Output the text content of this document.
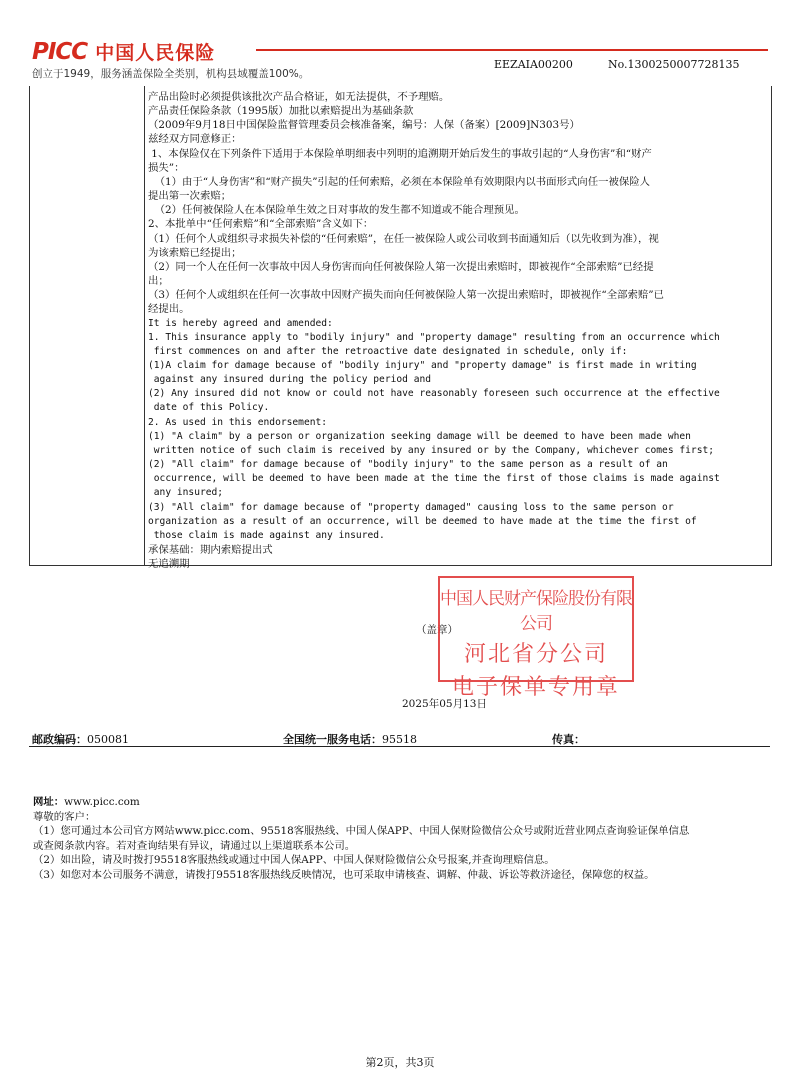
PICC 中国人民保险
创立于1949，服务涵盖保险全类别，机构县域覆盖100%。
EEZAIA00200	No.1300250007728135
产品出险时必须提供该批次产品合格证，如无法提供，不予理赔。
产品责任保险条款（1995版）加批以索赔提出为基础条款
（2009年9月18日中国保险监督管理委员会核准备案，编号：人保（备案）[2009]N303号）
兹经双方同意修正：
1、本保险仅在下列条件下适用于本保险单明细表中列明的追溯期开始后发生的事故引起的“人身伤害”和“财产
损失”：
（1）由于“人身伤害”和“财产损失”引起的任何索赔，必须在本保险单有效期限内以书面形式向任一被保险人
提出第一次索赔；
（2）任何被保险人在本保险单生效之日对事故的发生都不知道或不能合理预见。
2、本批单中“任何索赔”和“全部索赔”含义如下：
（1）任何个人或组织寻求损失补偿的“任何索赔”，在任一被保险人或公司收到书面通知后（以先收到为准），视
为该索赔已经提出；
（2）同一个人在任何一次事故中因人身伤害而向任何被保险人第一次提出索赔时，即被视作“全部索赔”已经提
出；
（3）任何个人或组织在任何一次事故中因财产损失而向任何被保险人第一次提出索赔时，即被视作“全部索赔”已
经提出。
It is hereby agreed and amended:
1. This insurance apply to "bodily injury" and "property damage" resulting from an occurrence which
first commences on and after the retroactive date designated in schedule, only if:
(1)A claim for damage because of "bodily injury" and "property damage" is first made in writing
against any insured during the policy period and
(2) Any insured did not know or could not have reasonably foreseen such occurrence at the effective
date of this Policy.
2. As used in this endorsement:
(1) "A claim" by a person or organization seeking damage will be deemed to have been made when
written notice of such claim is received by any insured or by the Company, whichever comes first;
(2) "All claim" for damage because of "bodily injury" to the same person as a result of an
occurrence, will be deemed to have been made at the time the first of those claims is made against
any insured;
(3) "All claim" for damage because of "property damaged" causing loss to the same person or
organization as a result of an occurrence, will be deemed to have made at the time the first of
those claim is made against any insured.
承保基础：期内索赔提出式
无追溯期
（盖章）
中国人民财产保险股份有限公司
河北省分公司
电子保单专用章
2025年05月13日
邮政编码：050081	全国统一服务电话：95518	传真：
网址：www.picc.com
尊敬的客户：
（1）您可通过本公司官方网站www.picc.com、95518客服热线、中国人保APP、中国人保财险微信公众号或附近营业网点查询验证保单信息
或查阅条款内容。若对查询结果有异议，请通过以上渠道联系本公司。
（2）如出险，请及时拨打95518客服热线或通过中国人保APP、中国人保财险微信公众号报案,并查询理赔信息。
（3）如您对本公司服务不满意，请拨打95518客服热线反映情况，也可采取申请核查、调解、仲裁、诉讼等救济途径，保障您的权益。
第2页，共3页
